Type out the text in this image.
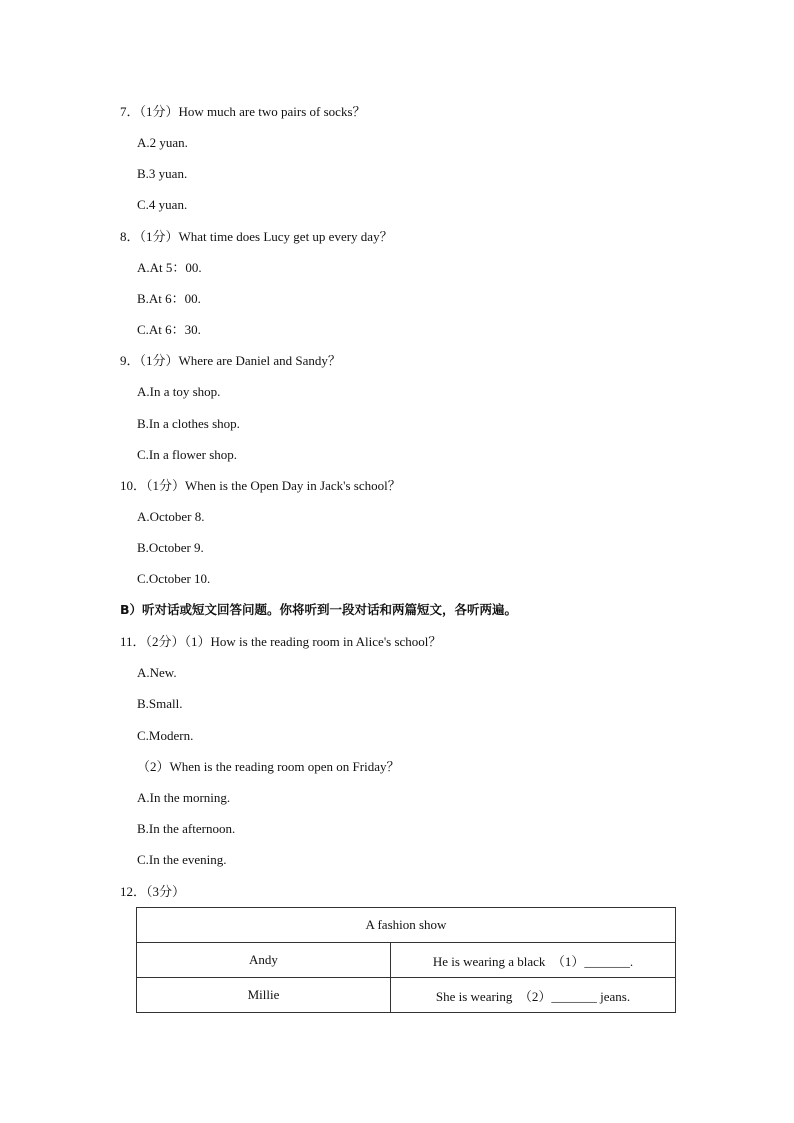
7．（1分）How much are two pairs of socks？
A.2 yuan.
B.3 yuan.
C.4 yuan.
8．（1分）What time does Lucy get up every day？
A.At 5：00.
B.At 6：00.
C.At 6：30.
9．（1分）Where are Daniel and Sandy？
A.In a toy shop.
B.In a clothes shop.
C.In a flower shop.
10．（1分）When is the Open Day in Jack's school？
A.October 8.
B.October 9.
C.October 10.
B）听对话或短文回答问题。你将听到一段对话和两篇短文，各听两遍。
11．（2分）（1）How is the reading room in Alice's school？
A.New.
B.Small.
C.Modern.
（2）When is the reading room open on Friday？
A.In the morning.
B.In the afternoon.
C.In the evening.
12．（3分）
A fashion show	
Andy	He is wearing a black　（1）_______.
Millie	She is wearing　（2）_______ jeans.
